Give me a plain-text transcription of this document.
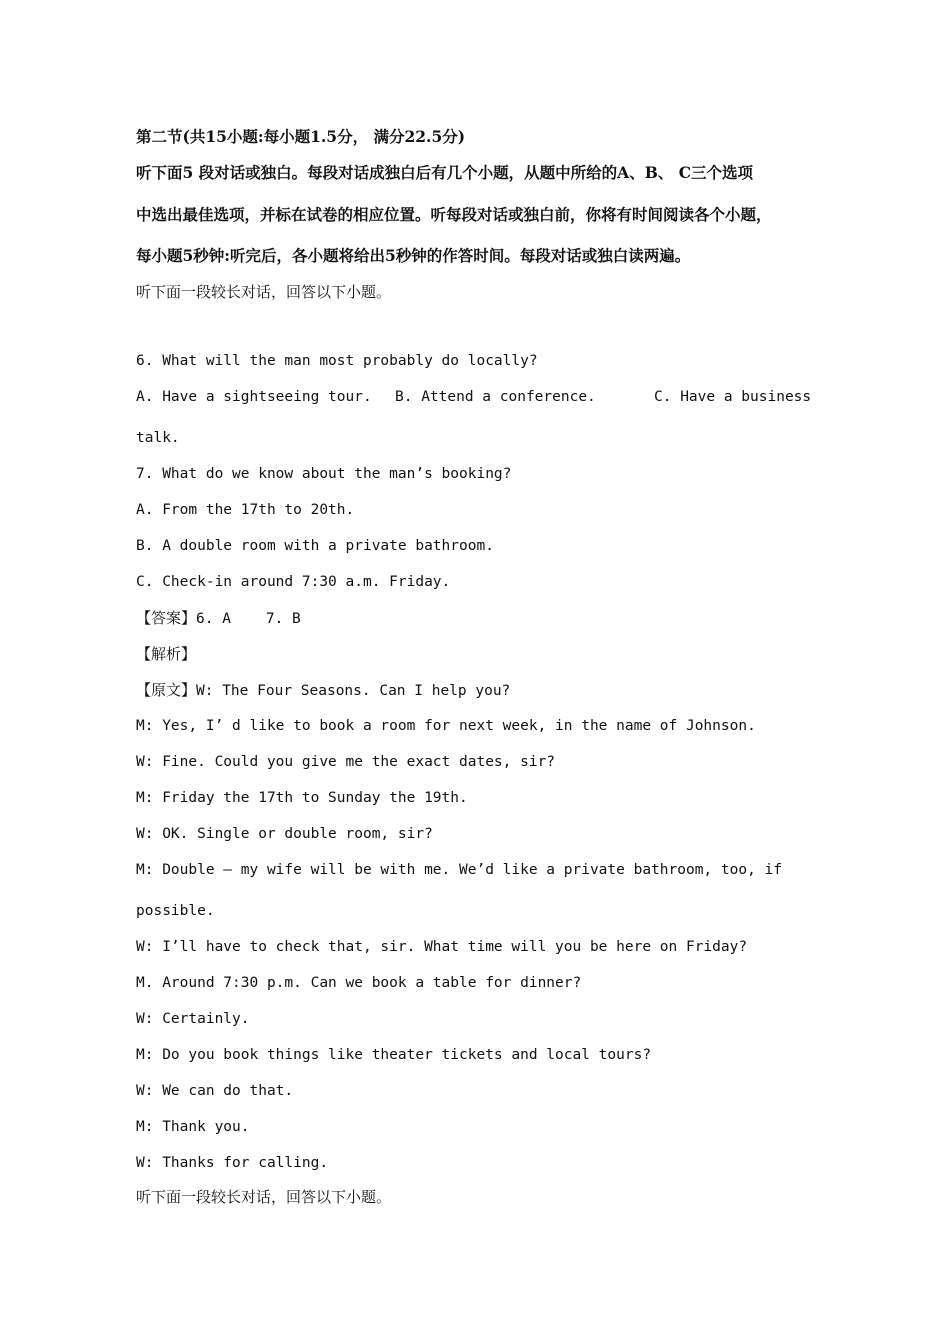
第二节(共15小题:每小题1.5分， 满分22.5分)
听下面5 段对话或独白。每段对话成独白后有几个小题，从题中所给的A、B、 C三个选项
中选出最佳选项，并标在试卷的相应位置。听每段对话或独白前，你将有时间阅读各个小题，
每小题5秒钟:听完后，各小题将给出5秒钟的作答时间。每段对话或独白读两遍。
听下面一段较长对话，回答以下小题。
6. What will the man most probably do locally?
A. Have a sightseeing tour. B. Attend a conference.	C. Have a business
talk.
7. What do we know about the man’s booking?
A. From the 17th to 20th.
B. A double room with a private bathroom.
C. Check-in around 7:30 a.m. Friday.
【答案】6. A    7. B
【解析】
【原文】W: The Four Seasons. Can I help you?
M: Yes, I’ d like to book a room for next week, in the name of Johnson.
W: Fine. Could you give me the exact dates, sir?
M: Friday the 17th to Sunday the 19th.
W: OK. Single or double room, sir?
M: Double — my wife will be with me. We’d like a private bathroom, too, if
possible.
W: I’ll have to check that, sir. What time will you be here on Friday?
M. Around 7:30 p.m. Can we book a table for dinner?
W: Certainly.
M: Do you book things like theater tickets and local tours?
W: We can do that.
M: Thank you.
W: Thanks for calling.
听下面一段较长对话，回答以下小题。
